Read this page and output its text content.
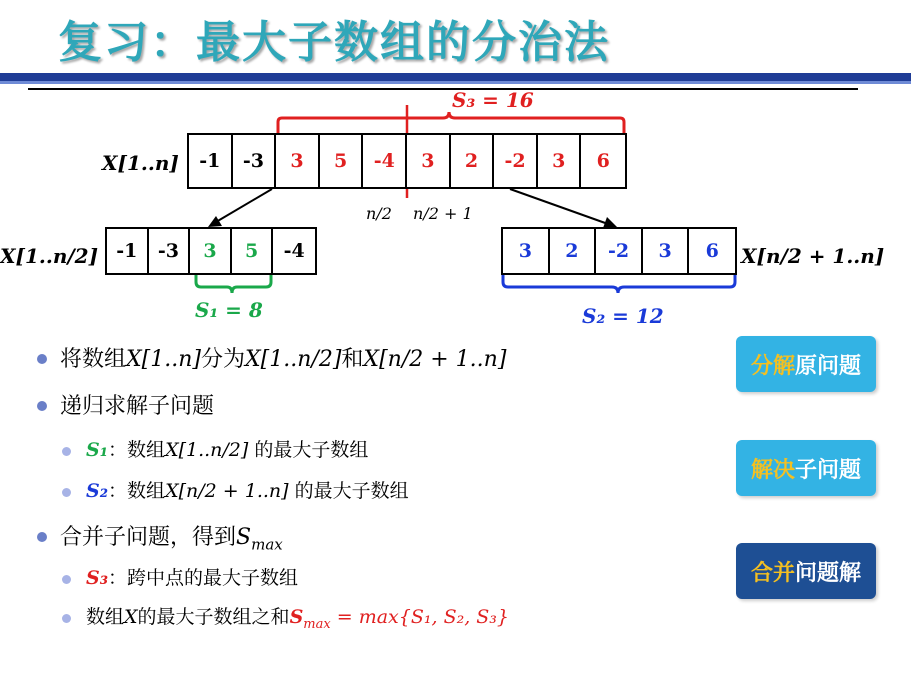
复习：最大子数组的分治法
S₃ = 16
X[1..n]	-1	-3	3	5	-4	3	2	-2	3	6
n/2 n/2 + 1
X[1..n/2] -1	-3	3	5	-4	3	2	-2	3	6	X[n/2 + 1..n]
S₁ = 8	S₂ = 12
将数组X[1..n]分为X[1..n/2]和X[n/2 + 1..n]
递归求解子问题
S₁：数组X[1..n/2] 的最大子数组
S₂：数组X[n/2 + 1..n] 的最大子数组
合并子问题，得到$S_{max}$
S₃：跨中点的最大子数组
数组X的最大子数组之和$S_{max} = \max\{S_1$, S₂, S₃}
分解 原问题
解决 子问题
合并 问题解
